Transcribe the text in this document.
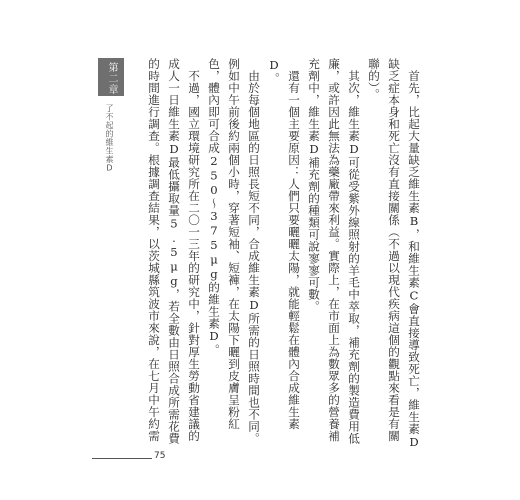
第二章
了不起的維生素D	首先，比起大量缺乏維生素B，和維生素C會直接導致死亡，維生素D缺乏症本身和死亡沒有直接關係（不過以現代疾病這個的觀點來看是有關聯的）。

其次，維生素D可從受紫外線照射的羊毛中萃取，補充劑的製造費用低廉，或許因此無法為藥廠帶來利益。實際上，在市面上為數眾多的營養補充劑中，維生素D補充劑的種類可說寥寥可數。

還有一個主要原因：人們只要曬曬太陽，就能輕鬆在體內合成維生素D。

由於每個地區的日照長短不同，合成維生素D所需的日照時間也不同。例如中午前後約兩個小時，穿著短袖、短褲，在太陽下曬到皮膚呈粉紅色，體內即可合成250～375μg的維生素D。

不過，國立環境研究所在二〇一三年的研究中，針對厚生勞動省建議的成人一日維生素D最低攝取量5.5μg，若全數由日照合成所需花費的時間進行調查。根據調查結果，以茨城縣筑波市來說，在七月中午約需

75
